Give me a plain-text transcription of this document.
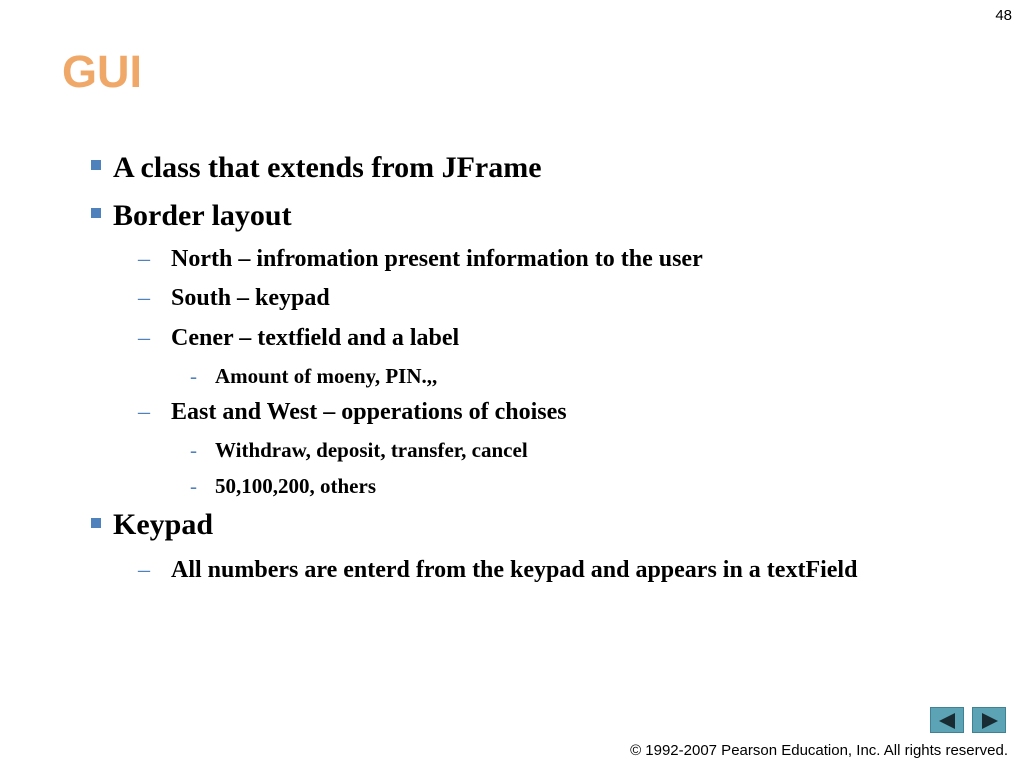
48
GUI
A class that extends from JFrame
Border layout
– North – infromation present information to the user
– South – keypad
– Cener – textfield and a label
- Amount of moeny, PIN.,,
– East and West – opperations of choises
- Withdraw, deposit, transfer, cancel
- 50,100,200, others
Keypad
– All numbers are enterd from the keypad and appears in a textField
© 1992-2007 Pearson Education, Inc. All rights reserved.
